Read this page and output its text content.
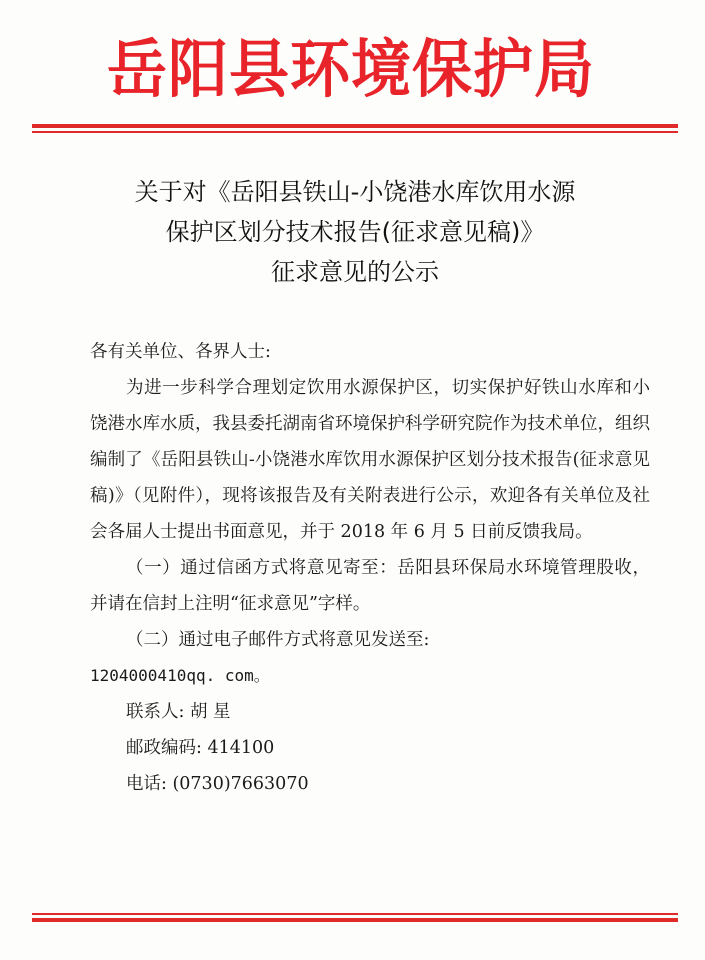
岳阳县环境保护局
关于对《岳阳县铁山-小饶港水库饮用水源
保护区划分技术报告(征求意见稿)》
征求意见的公示
各有关单位、各界人士:
为进一步科学合理划定饮用水源保护区，切实保护好铁山水库和小饶港水库水质，我县委托湖南省环境保护科学研究院作为技术单位，组织编制了《岳阳县铁山-小饶港水库饮用水源保护区划分技术报告(征求意见稿)》（见附件），现将该报告及有关附表进行公示，欢迎各有关单位及社会各届人士提出书面意见，并于 2018 年 6 月 5 日前反馈我局。
（一）通过信函方式将意见寄至：岳阳县环保局水环境管理股收，并请在信封上注明“征求意见”字样。
（二）通过电子邮件方式将意见发送至:
1204000410qq. com。
联系人: 胡 星
邮政编码: 414100
电话: (0730)7663070
